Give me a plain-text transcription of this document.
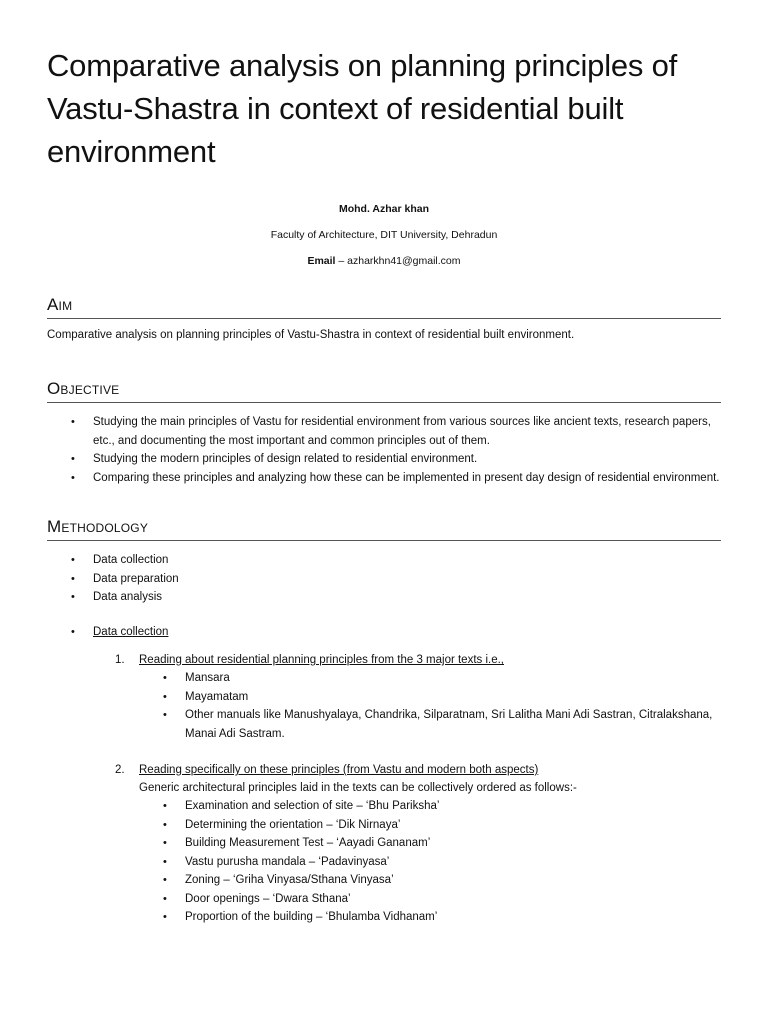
Comparative analysis on planning principles of Vastu-Shastra in context of residential built environment

Mohd. Azhar khan

Faculty of Architecture, DIT University, Dehradun

Email – azharkhn41@gmail.com

Aim

Comparative analysis on planning principles of Vastu-Shastra in context of residential built environment.

Objective
• Studying the main principles of Vastu for residential environment from various sources like ancient texts, research papers, etc., and documenting the most important and common principles out of them.
• Studying the modern principles of design related to residential environment.
• Comparing these principles and analyzing how these can be implemented in present day design of residential environment.
Methodology
• Data collection
• Data preparation
• Data analysis
• Data collection
1. Reading about residential planning principles from the 3 major texts i.e.,
• Mansara
• Mayamatam
• Other manuals like Manushyalaya, Chandrika, Silparatnam, Sri Lalitha Mani Adi Sastran, Citralakshana, Manai Adi Sastram.
2. Reading specifically on these principles (from Vastu and modern both aspects)
Generic architectural principles laid in the texts can be collectively ordered as follows:-
• Examination and selection of site – ‘Bhu Pariksha’
• Determining the orientation – ‘Dik Nirnaya’
• Building Measurement Test – ‘Aayadi Gananam’
• Vastu purusha mandala – ‘Padavinyasa’
• Zoning – ‘Griha Vinyasa/Sthana Vinyasa’
• Door openings – ‘Dwara Sthana’
• Proportion of the building – ‘Bhulamba Vidhanam’
